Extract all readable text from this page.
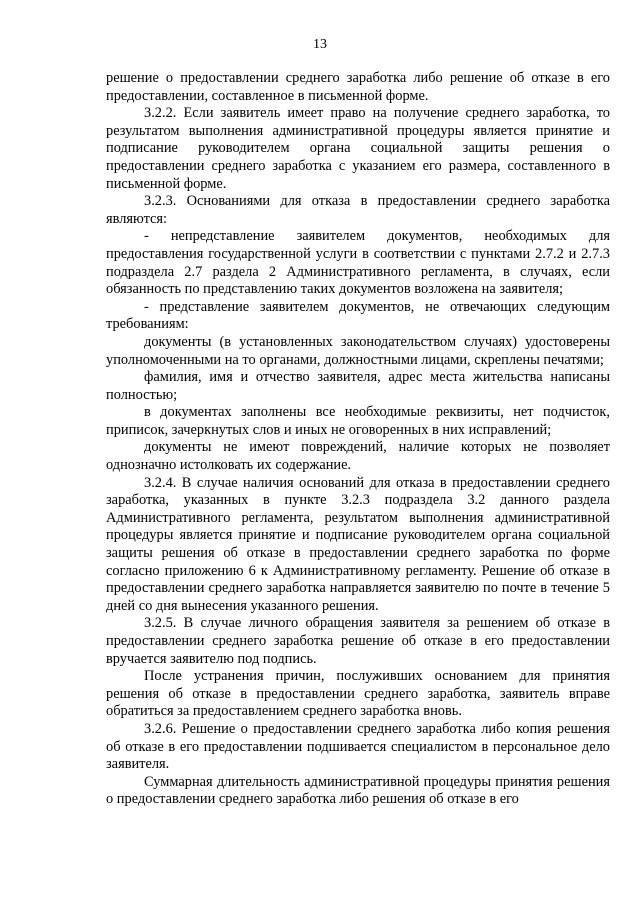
13

решение о предоставлении среднего заработка либо решение об отказе в его предоставлении, составленное в письменной форме.

3.2.2. Если заявитель имеет право на получение среднего заработка, то результатом выполнения административной процедуры является принятие и подписание руководителем органа социальной защиты решения о предоставлении среднего заработка с указанием его размера, составленного в письменной форме.

3.2.3. Основаниями для отказа в предоставлении среднего заработка являются:

- непредставление заявителем документов, необходимых для предоставления государственной услуги в соответствии с пунктами 2.7.2 и 2.7.3 подраздела 2.7 раздела 2 Административного регламента, в случаях, если обязанность по представлению таких документов возложена на заявителя;

- представление заявителем документов, не отвечающих следующим требованиям:

документы (в установленных законодательством случаях) удостоверены уполномоченными на то органами, должностными лицами, скреплены печатями;

фамилия, имя и отчество заявителя, адрес места жительства написаны полностью;

в документах заполнены все необходимые реквизиты, нет подчисток, приписок, зачеркнутых слов и иных не оговоренных в них исправлений;

документы не имеют повреждений, наличие которых не позволяет однозначно истолковать их содержание.

3.2.4. В случае наличия оснований для отказа в предоставлении среднего заработка, указанных в пункте 3.2.3 подраздела 3.2 данного раздела Административного регламента, результатом выполнения административной процедуры является принятие и подписание руководителем органа социальной защиты решения об отказе в предоставлении среднего заработка по форме согласно приложению 6 к Административному регламенту. Решение об отказе в предоставлении среднего заработка направляется заявителю по почте в течение 5 дней со дня вынесения указанного решения.

3.2.5. В случае личного обращения заявителя за решением об отказе в предоставлении среднего заработка решение об отказе в его предоставлении вручается заявителю под подпись.

После устранения причин, послуживших основанием для принятия решения об отказе в предоставлении среднего заработка, заявитель вправе обратиться за предоставлением среднего заработка вновь.

3.2.6. Решение о предоставлении среднего заработка либо копия решения об отказе в его предоставлении подшивается специалистом в персональное дело заявителя.

Суммарная длительность административной процедуры принятия решения о предоставлении среднего заработка либо решения об отказе в его
